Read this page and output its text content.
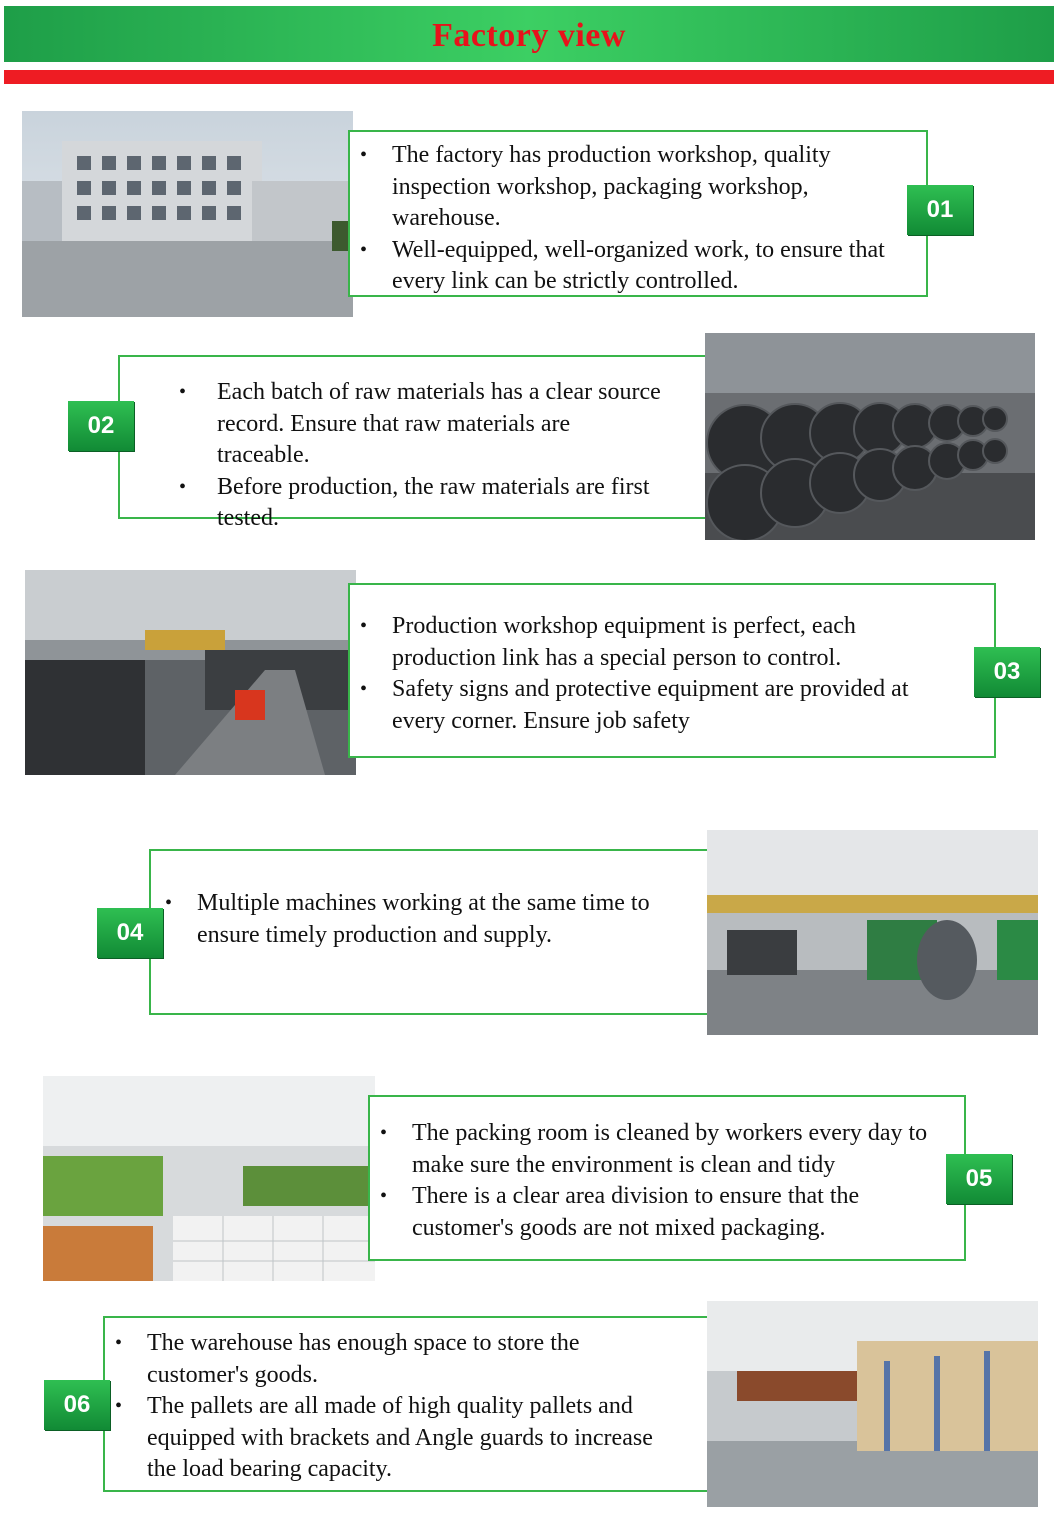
Factory view
• The factory has production workshop, quality inspection workshop, packaging workshop, warehouse.
• Well-equipped, well-organized work, to ensure that every link can be strictly controlled.
01
• Each batch of raw materials has a clear source record. Ensure that raw materials are traceable.
• Before production, the raw materials are first tested.
02
• Production workshop equipment is perfect, each production link has a special person to control.
• Safety signs and protective equipment are provided at every corner. Ensure job safety
03
• Multiple machines working at the same time to ensure timely production and supply.
04
• The packing room is cleaned by workers every day to make sure the environment is clean and tidy
• There is a clear area division to ensure that the customer's goods are not mixed packaging.
05
• The warehouse has enough space to store the customer's goods.
• The pallets are all made of high quality pallets and equipped with brackets and Angle guards to increase the load bearing capacity.
06
